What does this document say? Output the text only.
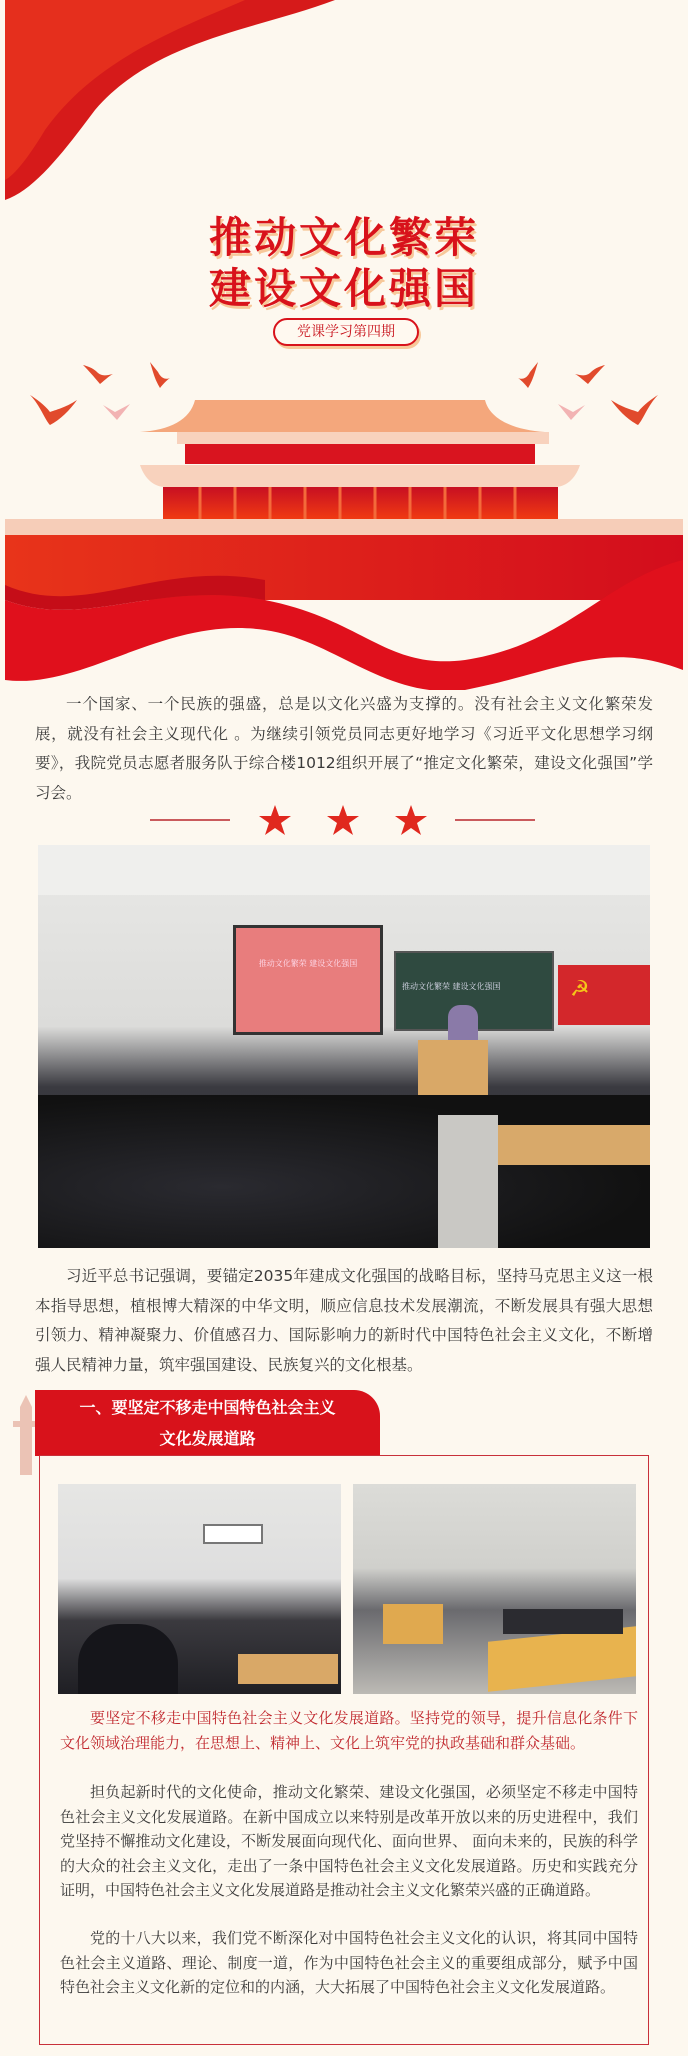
推动文化繁荣
建设文化强国
党课学习第四期
一个国家、一个民族的强盛，总是以文化兴盛为支撑的。没有社会主义文化繁荣发展，就没有社会主义现代化 。为继续引领党员同志更好地学习《习近平文化思想学习纲要》，我院党员志愿者服务队于综合楼1012组织开展了“推定文化繁荣，建设文化强国”学习会。
推动文化繁荣 建设文化强国
推动文化繁荣 建设文化强国	☭
习近平总书记强调，要锚定2035年建成文化强国的战略目标，坚持马克思主义这一根本指导思想，植根博大精深的中华文明，顺应信息技术发展潮流，不断发展具有强大思想引领力、精神凝聚力、价值感召力、国际影响力的新时代中国特色社会主义文化，不断增强人民精神力量，筑牢强国建设、民族复兴的文化根基。
一、要坚定不移走中国特色社会主义
文化发展道路
要坚定不移走中国特色社会主义文化发展道路。坚持党的领导，提升信息化条件下文化领域治理能力，在思想上、精神上、文化上筑牢党的执政基础和群众基础。
担负起新时代的文化使命，推动文化繁荣、建设文化强国，必须坚定不移走中国特色社会主义文化发展道路。在新中国成立以来特别是改革开放以来的历史进程中，我们党坚持不懈推动文化建设，不断发展面向现代化、面向世界、 面向未来的，民族的科学的大众的社会主义文化，走出了一条中国特色社会主义文化发展道路。历史和实践充分证明，中国特色社会主义文化发展道路是推动社会主义文化繁荣兴盛的正确道路。
党的十八大以来，我们党不断深化对中国特色社会主义文化的认识，将其同中国特色社会主义道路、理论、制度一道，作为中国特色社会主义的重要组成部分，赋予中国特色社会主义文化新的定位和的内涵，大大拓展了中国特色社会主义文化发展道路。
